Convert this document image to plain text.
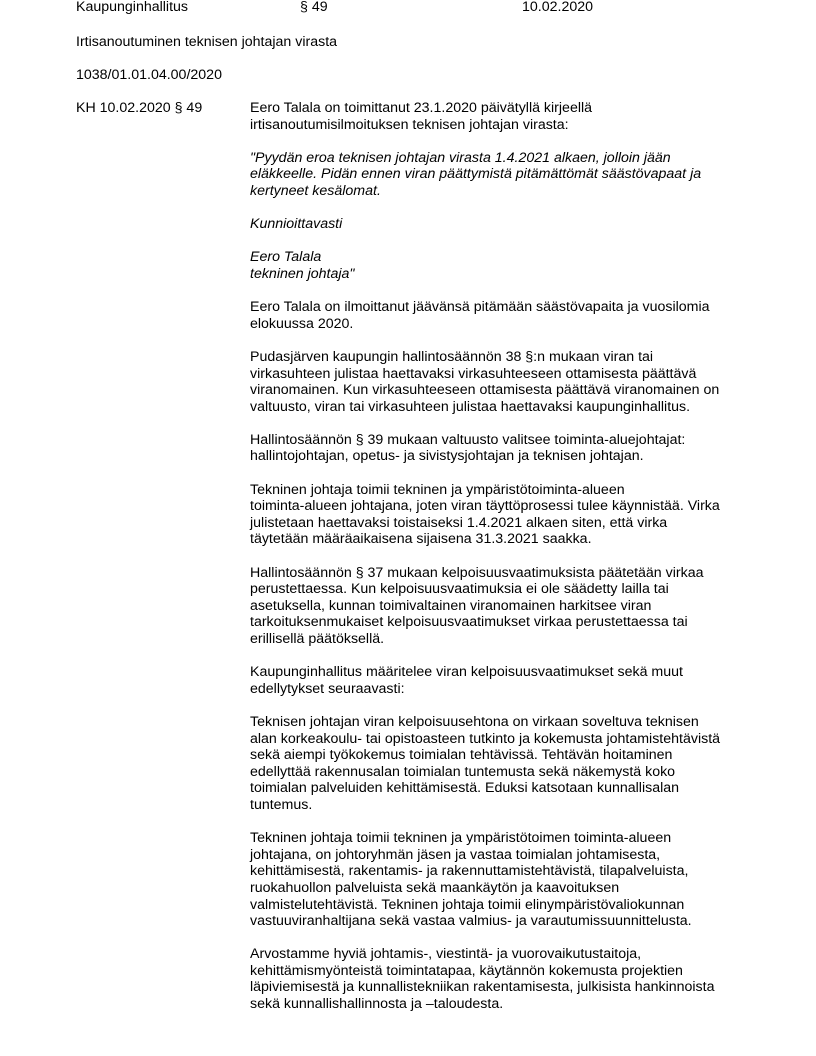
Kaupunginhallitus	§ 49	10.02.2020
Irtisanoutuminen teknisen johtajan virasta
1038/01.01.04.00/2020
KH 10.02.2020 § 49	Eero Talala on toimittanut 23.1.2020 päivätyllä kirjeellä
irtisanoutumisilmoituksen teknisen johtajan virasta:

"Pyydän eroa teknisen johtajan virasta 1.4.2021 alkaen, jolloin jään
eläkkeelle. Pidän ennen viran päättymistä pitämättömät säästövapaat ja
kertyneet kesälomat.

Kunnioittavasti

Eero Talala
tekninen johtaja"

Eero Talala on ilmoittanut jäävänsä pitämään säästövapaita ja vuosilomia
elokuussa 2020.

Pudasjärven kaupungin hallintosäännön 38 §:n mukaan viran tai
virkasuhteen julistaa haettavaksi virkasuhteeseen ottamisesta päättävä
viranomainen. Kun virkasuhteeseen ottamisesta päättävä viranomainen on
valtuusto, viran tai virkasuhteen julistaa haettavaksi kaupunginhallitus.

Hallintosäännön § 39 mukaan valtuusto valitsee toiminta-aluejohtajat:
hallintojohtajan, opetus- ja sivistysjohtajan ja teknisen johtajan.

Tekninen johtaja toimii tekninen ja ympäristötoiminta-alueen
toiminta-alueen johtajana, joten viran täyttöprosessi tulee käynnistää. Virka
julistetaan haettavaksi toistaiseksi 1.4.2021 alkaen siten, että virka
täytetään määräaikaisena sijaisena 31.3.2021 saakka.

Hallintosäännön § 37 mukaan kelpoisuusvaatimuksista päätetään virkaa
perustettaessa. Kun kelpoisuusvaatimuksia ei ole säädetty lailla tai
asetuksella, kunnan toimivaltainen viranomainen harkitsee viran
tarkoituksenmukaiset kelpoisuusvaatimukset virkaa perustettaessa tai
erillisellä päätöksellä.

Kaupunginhallitus määritelee viran kelpoisuusvaatimukset sekä muut
edellytykset seuraavasti:

Teknisen johtajan viran kelpoisuusehtona on virkaan soveltuva teknisen
alan korkeakoulu- tai opistoasteen tutkinto ja kokemusta johtamistehtävistä
sekä aiempi työkokemus toimialan tehtävissä. Tehtävän hoitaminen
edellyttää rakennusalan toimialan tuntemusta sekä näkemystä koko
toimialan palveluiden kehittämisestä. Eduksi katsotaan kunnallisalan
tuntemus.

Tekninen johtaja toimii tekninen ja ympäristötoimen toiminta-alueen
johtajana, on johtoryhmän jäsen ja vastaa toimialan johtamisesta,
kehittämisestä, rakentamis- ja rakennuttamistehtävistä, tilapalveluista,
ruokahuollon palveluista sekä maankäytön ja kaavoituksen
valmistelutehtävistä. Tekninen johtaja toimii elinympäristövaliokunnan
vastuuviranhaltijana sekä vastaa valmius- ja varautumissuunnittelusta.

Arvostamme hyviä johtamis-, viestintä- ja vuorovaikutustaitoja,
kehittämismyönteistä toimintatapaa, käytännön kokemusta projektien
läpiviemisestä ja kunnallistekniikan rakentamisesta, julkisista hankinnoista
sekä kunnallishallinnosta ja –taloudesta.
